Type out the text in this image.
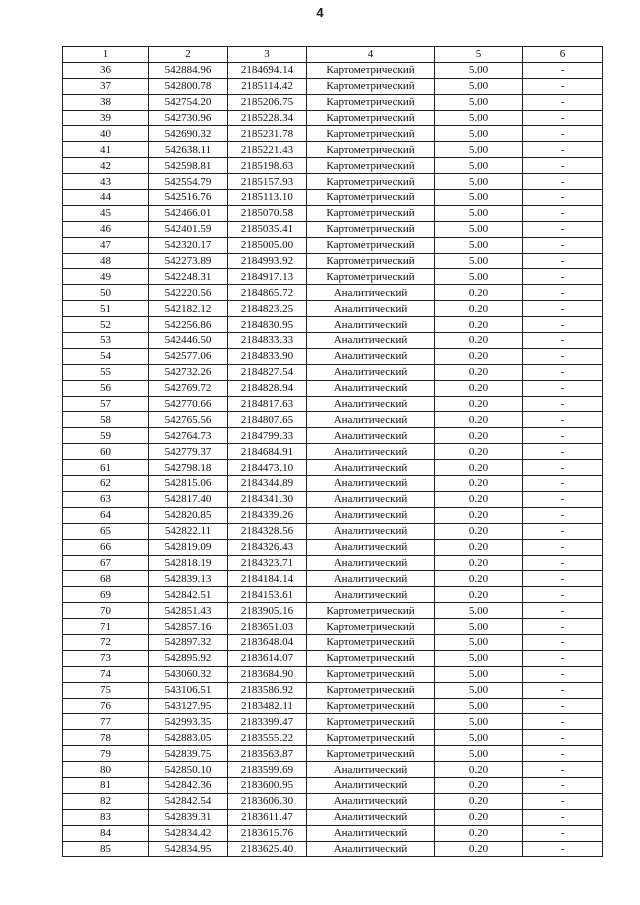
4
1	2	3	4	5	6
36	542884.96	2184694.14	Картометрический	5.00	-
37	542800.78	2185114.42	Картометрический	5.00	-
38	542754.20	2185206.75	Картометрический	5.00	-
39	542730.96	2185228.34	Картометрический	5.00	-
40	542690.32	2185231.78	Картометрический	5.00	-
41	542638.11	2185221.43	Картометрический	5.00	-
42	542598.81	2185198.63	Картометрический	5.00	-
43	542554.79	2185157.93	Картометрический	5.00	-
44	542516.76	2185113.10	Картометрический	5.00	-
45	542466.01	2185070.58	Картометрический	5.00	-
46	542401.59	2185035.41	Картометрический	5.00	-
47	542320.17	2185005.00	Картометрический	5.00	-
48	542273.89	2184993.92	Картометрический	5.00	-
49	542248.31	2184917.13	Картометрический	5.00	-
50	542220.56	2184865.72	Аналитический	0.20	-
51	542182.12	2184823.25	Аналитический	0.20	-
52	542256.86	2184830.95	Аналитический	0.20	-
53	542446.50	2184833.33	Аналитический	0.20	-
54	542577.06	2184833.90	Аналитический	0.20	-
55	542732.26	2184827.54	Аналитический	0.20	-
56	542769.72	2184828.94	Аналитический	0.20	-
57	542770.66	2184817.63	Аналитический	0.20	-
58	542765.56	2184807.65	Аналитический	0.20	-
59	542764.73	2184799.33	Аналитический	0.20	-
60	542779.37	2184684.91	Аналитический	0.20	-
61	542798.18	2184473.10	Аналитический	0.20	-
62	542815.06	2184344.89	Аналитический	0.20	-
63	542817.40	2184341.30	Аналитический	0.20	-
64	542820.85	2184339.26	Аналитический	0.20	-
65	542822.11	2184328.56	Аналитический	0.20	-
66	542819.09	2184326.43	Аналитический	0.20	-
67	542818.19	2184323.71	Аналитический	0.20	-
68	542839.13	2184184.14	Аналитический	0.20	-
69	542842.51	2184153.61	Аналитический	0.20	-
70	542851.43	2183905.16	Картометрический	5.00	-
71	542857.16	2183651.03	Картометрический	5.00	-
72	542897.32	2183648.04	Картометрический	5.00	-
73	542895.92	2183614.07	Картометрический	5.00	-
74	543060.32	2183684.90	Картометрический	5.00	-
75	543106.51	2183586.92	Картометрический	5.00	-
76	543127.95	2183482.11	Картометрический	5.00	-
77	542993.35	2183399.47	Картометрический	5.00	-
78	542883.05	2183555.22	Картометрический	5.00	-
79	542839.75	2183563.87	Картометрический	5.00	-
80	542850.10	2183599.69	Аналитический	0.20	-
81	542842.36	2183600.95	Аналитический	0.20	-
82	542842.54	2183606.30	Аналитический	0.20	-
83	542839.31	2183611.47	Аналитический	0.20	-
84	542834.42	2183615.76	Аналитический	0.20	-
85	542834.95	2183625.40	Аналитический	0.20	-
